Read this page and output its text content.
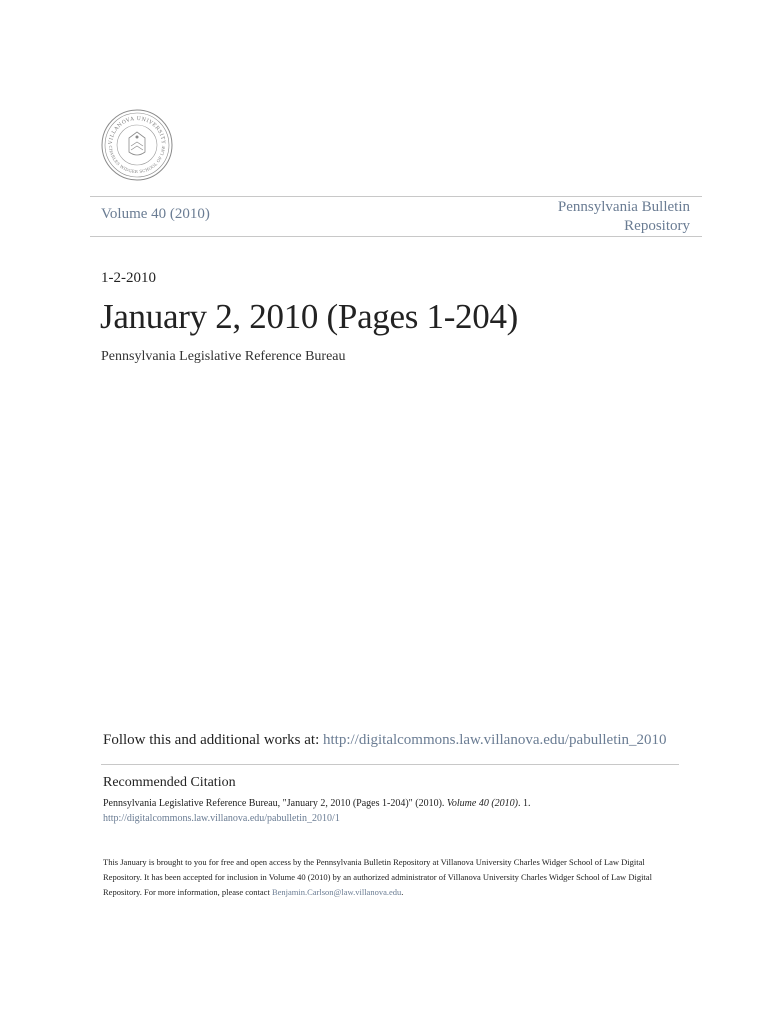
VILLANOVA UNIVERSITY
CHARLES WIDGER SCHOOL OF LAW
Volume 40 (2010)	Pennsylvania Bulletin
Repository
1-2-2010
January 2, 2010 (Pages 1-204)
Pennsylvania Legislative Reference Bureau
Follow this and additional works at: http://digitalcommons.law.villanova.edu/pabulletin_2010
Recommended Citation
Pennsylvania Legislative Reference Bureau, "January 2, 2010 (Pages 1-204)" (2010). Volume 40 (2010). 1.
http://digitalcommons.law.villanova.edu/pabulletin_2010/1
This January is brought to you for free and open access by the Pennsylvania Bulletin Repository at Villanova University Charles Widger School of Law Digital Repository. It has been accepted for inclusion in Volume 40 (2010) by an authorized administrator of Villanova University Charles Widger School of Law Digital Repository. For more information, please contact Benjamin.Carlson@law.villanova.edu.
